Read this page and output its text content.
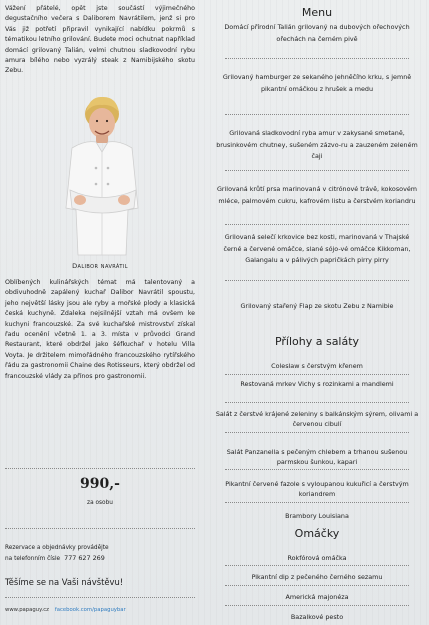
Vážení přátelé, opět jste součástí výjimečného degustačního večera s Daliborem Navrátilem, jenž si pro Vás již potřetí připravil vynikající nabídku pokrmů s tématikou letního grilování. Budete moci ochutnat například domácí grilovaný Talián, velmi chutnou sladkovodní rybu amura bílého nebo vyzrálý steak z Namibijského skotu Zebu.
Dalibor navrátil
Oblíbených kulinářských témat má talentovaný a obdivuhodně zapálený kuchař Dalibor Navrátil spoustu, jeho největší lásky jsou ale ryby a mořské plody a klasická česká kuchyně. Zdaleka nejsilnější vztah má ovšem ke kuchyni francouzské. Za své kuchařské mistrovství získal řadu ocenění včetně 1. a 3. místa v průvodci Grand Restaurant, které obdržel jako šéfkuchař v hotelu Villa Voyta. Je držitelem mimořádného francouzského rytířského řádu za gastronomii Chaine des Rotisseurs, který obdržel od francouzské vlády za přínos pro gastronomii.
990,-
za osobu
Rezervace a objednávky provádějte
na telefonním čísle 777 627 269
Těšíme se na Vaši návštěvu!
www.papaguy.cz facebook.com/papaguybar
Menu
Domácí přírodní Talián grilovaný na dubových ořechových ořechách na černém pivě
Grilovaný hamburger ze sekaného jehněčího krku, s jemně pikantní omáčkou z hrušek a medu
Grilovaná sladkovodní ryba amur v zakysané smetaně, brusinkovém chutney, sušeném zázvo-ru a zauzeném zeleném čaji
Grilovaná krůtí prsa marinovaná v citrónové trávě, kokosovém mléce, palmovém cukru, kafrovém listu a čerstvém koriandru
Grilovaná selečí krkovice bez kosti, marinovaná v Thajské černé a červené omáčce, slané sójo-vé omáčce Kikkoman, Galangalu a v pálivých papričkách pirry pirry
Grilovaný stařený Flap ze skotu Zebu z Namibie
Přílohy a saláty
Coleslaw s čerstvým křenem
Restovaná mrkev Vichy s rozinkami a mandlemi
Salát z čerstvé krájené zeleniny s balkánským sýrem, olivami a červenou cibulí
Salát Panzanella s pečeným chlebem a trhanou sušenou parmskou šunkou, kapari
Pikantní červené fazole s vyloupanou kukuřicí a čerstvým koriandrem
Brambory Louisiana
Omáčky
Rokfórová omáčka
Pikantní dip z pečeného černého sezamu
Americká majonéza
Bazalkové pesto
